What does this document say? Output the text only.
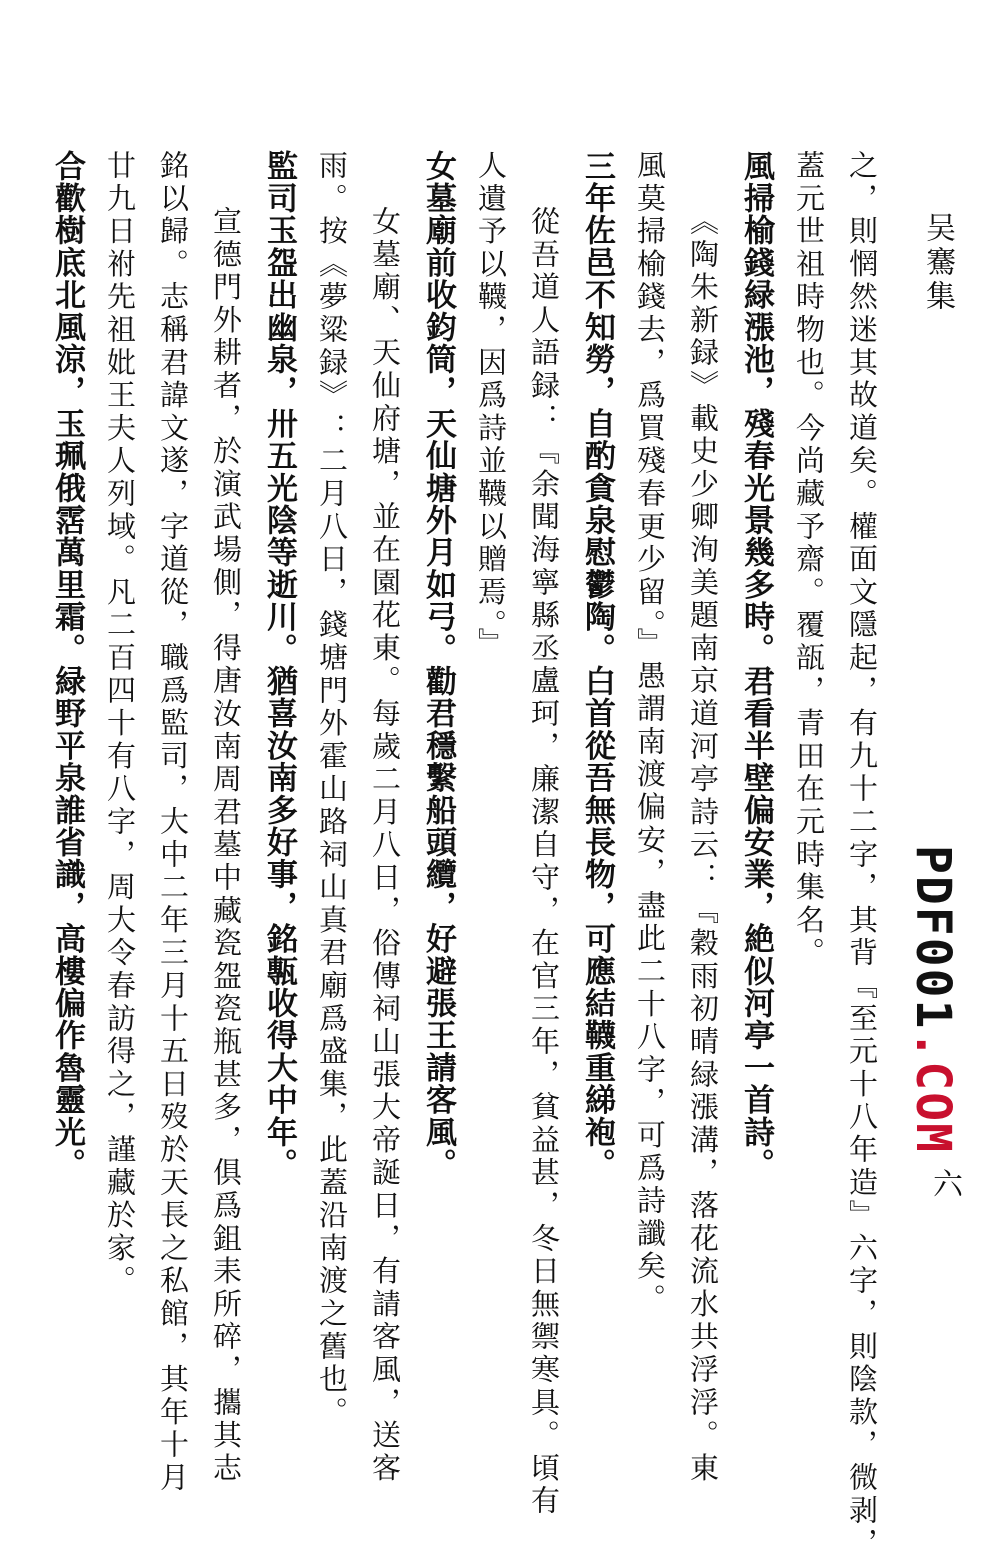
吴騫集
PDF001.COM
六
之，則惘然迷其故道矣。權面文隱起，有九十二字，其背『至元十八年造』六字，則陰款，微剥，
蓋元世祖時物也。今尚藏予齋。覆瓿，青田在元時集名。
風掃榆錢緑漲池，殘春光景幾多時。君看半壁偏安業，絶似河亭一首詩。
《陶朱新録》載史少卿洵美題南京道河亭詩云：『穀雨初晴緑漲溝，落花流水共浮浮。東
風莫掃榆錢去，爲買殘春更少留。』愚謂南渡偏安，盡此二十八字，可爲詩讖矣。
三年佐邑不知勞，自酌貪泉慰鬱陶。白首從吾無長物，可應結韈重綈袍。
從吾道人語録：『余聞海寧縣丞盧珂，廉潔自守，在官三年，貧益甚，冬日無禦寒具。頃有
人遺予以韈，因爲詩並韈以贈焉。』
女墓廟前收鈞筒，天仙塘外月如弓。勸君穩繫船頭纜，好避張王請客風。
女墓廟、天仙府塘，並在園花東。每歲二月八日，俗傳祠山張大帝誕日，有請客風，送客
雨。按《夢粱録》：二月八日，錢塘門外霍山路祠山真君廟爲盛集，此蓋沿南渡之舊也。
監司玉盌出幽泉，卅五光陰等逝川。猶喜汝南多好事，銘甎收得大中年。
宣德門外耕者，於演武場側，得唐汝南周君墓中藏瓷盌瓷瓶甚多，俱爲鉏耒所碎，攜其志
銘以歸。志稱君諱文遂，字道從，職爲監司，大中二年三月十五日歿於天長之私館，其年十月
廿九日祔先祖妣王夫人列域。凡二百四十有八字，周大令春訪得之，謹藏於家。
合歡樹底北風涼，玉珮俄霑萬里霜。緑野平泉誰省識，高樓偏作魯靈光。
